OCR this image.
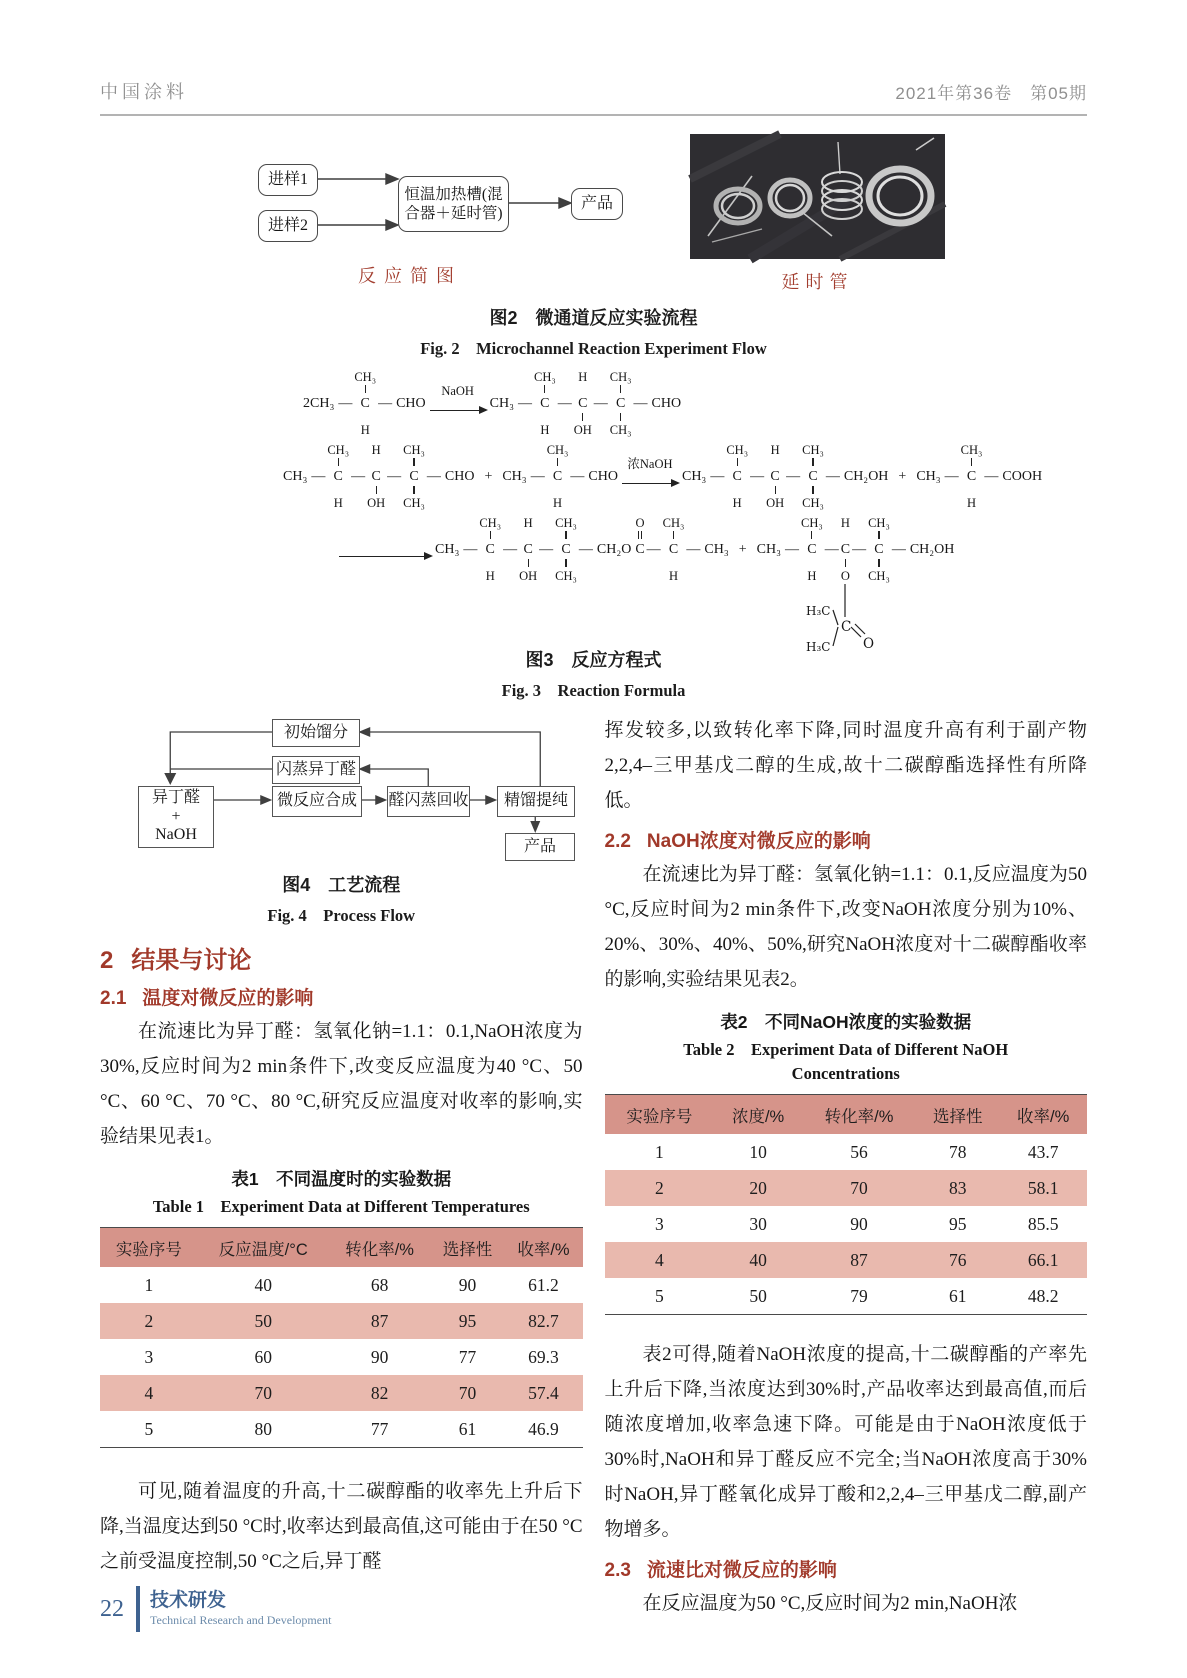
中国涂料	2021年第36卷　第05期
进样1
进样2
恒温加热槽(混
合器＋延时管)
产品
反应简图	延时管
图2　微通道反应实验流程
Fig. 2　Microchannel Reaction Experiment Flow
2CH₃ —
CH₃
C
H
— CHO
NaOH
CH₃ —
CH₃
C
H
—
H
C
OH
—
CH₃
C
CH₃
— CHO
CH₃ —
CH₃
C
H
—
H
C
OH
—
CH₃
C
CH₃
— CHO + CH₃ —
CH₃
C
H
— CHO
浓NaOH
CH₃ —
CH₃
C
H
—
H
C
OH
—
CH₃
C
CH₃
— CH₂OH + CH₃ —
CH₃
C
H
— COOH
CH₃ —
CH₃
C
H
—
H
C
OH
—
CH₃
C
CH₃
— CH₂O
O
C —
CH₃
C
H
— CH₃ + CH₃ —
CH₃
C
H
—
H₃C
H₃C
C
O
H
C
O
—
CH₃
C
CH₃
— CH₂OH
图3　反应方程式
Fig. 3　Reaction Formula
初始馏分
闪蒸异丁醛
异丁醛
+
NaOH
微反应合成 醛闪蒸回收 精馏提纯
产品
图4　工艺流程
Fig. 4　Process Flow
2 结果与讨论
2.1 温度对微反应的影响

在流速比为异丁醛：氢氧化钠=1.1：0.1,NaOH浓度为30%,反应时间为2 min条件下,改变反应温度为40 °C、50 °C、60 °C、70 °C、80 °C,研究反应温度对收率的影响,实验结果见表1。

表1　不同温度时的实验数据
Table 1　Experiment Data at Different Temperatures
实验序号	反应温度/°C	转化率/%	选择性	收率/%
1	40	68	90	61.2
2	50	87	95	82.7
3	60	90	77	69.3
4	70	82	70	57.4
5	80	77	61	46.9

可见,随着温度的升高,十二碳醇酯的收率先上升后下降,当温度达到50 °C时,收率达到最高值,这可能由于在50 °C之前受温度控制,50 °C之后,异丁醛

挥发较多,以致转化率下降,同时温度升高有利于副产物2,2,4–三甲基戊二醇的生成,故十二碳醇酯选择性有所降低。

2.2 NaOH浓度对微反应的影响

在流速比为异丁醛：氢氧化钠=1.1：0.1,反应温度为50 °C,反应时间为2 min条件下,改变NaOH浓度分别为10%、20%、30%、40%、50%,研究NaOH浓度对十二碳醇酯收率的影响,实验结果见表2。

表2　不同NaOH浓度的实验数据
Table 2　Experiment Data of Different NaOH
Concentrations
实验序号	浓度/%	转化率/%	选择性	收率/%
1	10	56	78	43.7
2	20	70	83	58.1
3	30	90	95	85.5
4	40	87	76	66.1
5	50	79	61	48.2

表2可得,随着NaOH浓度的提高,十二碳醇酯的产率先上升后下降,当浓度达到30%时,产品收率达到最高值,而后随浓度增加,收率急速下降。可能是由于NaOH浓度低于30%时,NaOH和异丁醛反应不完全;当NaOH浓度高于30%时NaOH,异丁醛氧化成异丁酸和2,2,4–三甲基戊二醇,副产物增多。

2.3 流速比对微反应的影响

在反应温度为50 °C,反应时间为2 min,NaOH浓

22 技术研发
Technical Research and Development
